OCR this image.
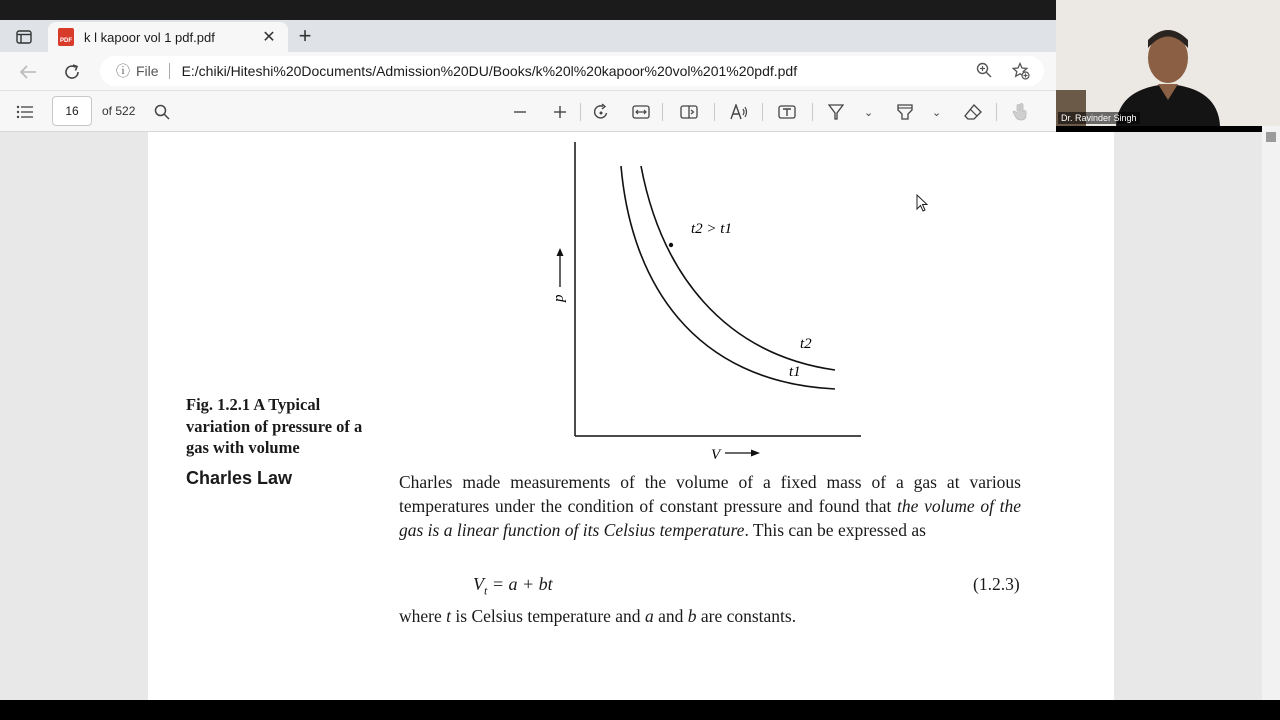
PDF k l kapoor vol 1 pdf.pdf	✕ +
ⓘ File E:/chiki/Hiteshi%20Documents/Admission%20DU/Books/k%20l%20kapoor%20vol%201%20pdf.pdf
16	of 522	⌄	⌄
p
V
t2 > t1
t2
t1
Fig. 1.2.1 A Typical
variation of pressure of a
gas with volume
Charles Law	Charles made measurements of the volume of a fixed mass of a gas at various temperatures under the condition of constant pressure and found that the volume of the gas is a linear function of its Celsius temperature. This can be expressed as
$V_t = a$ + bt	(1.2.3)
where t is Celsius temperature and a and b are constants.
Dr. Ravinder Singh
